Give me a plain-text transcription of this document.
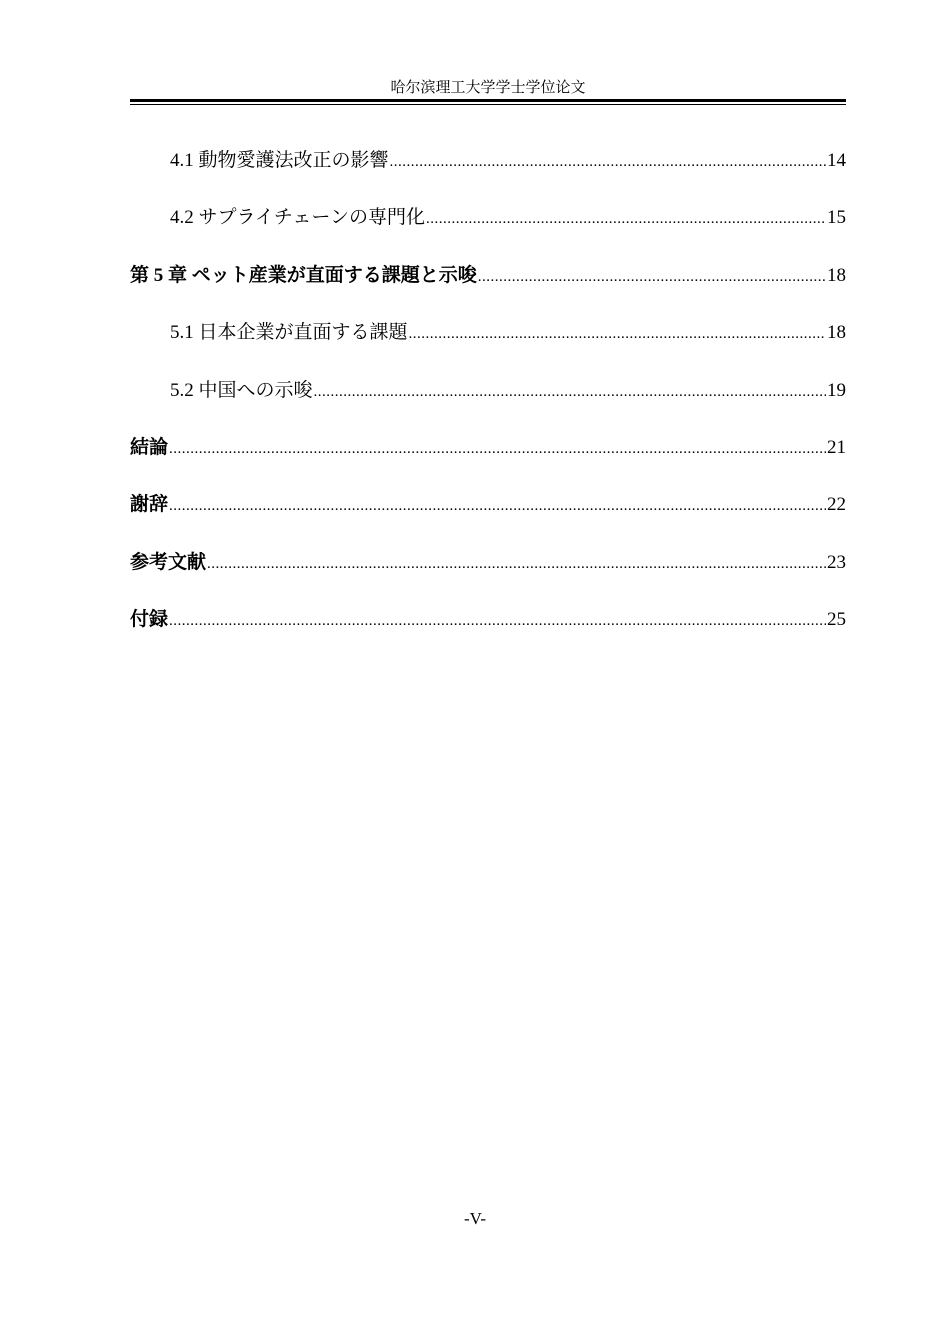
哈尔滨理工大学学士学位论文
4.1 動物愛護法改正の影響 .....	14
4.2 サプライチェーンの専門化 .....	15
第 5 章 ペット産業が直面する課題と示唆 .....	18
5.1 日本企業が直面する課題 .....	18
5.2 中国への示唆 .....	19
結論 .....	21
謝辞 .....	22
参考文献 .....	23
付録 .....	25
-V-
